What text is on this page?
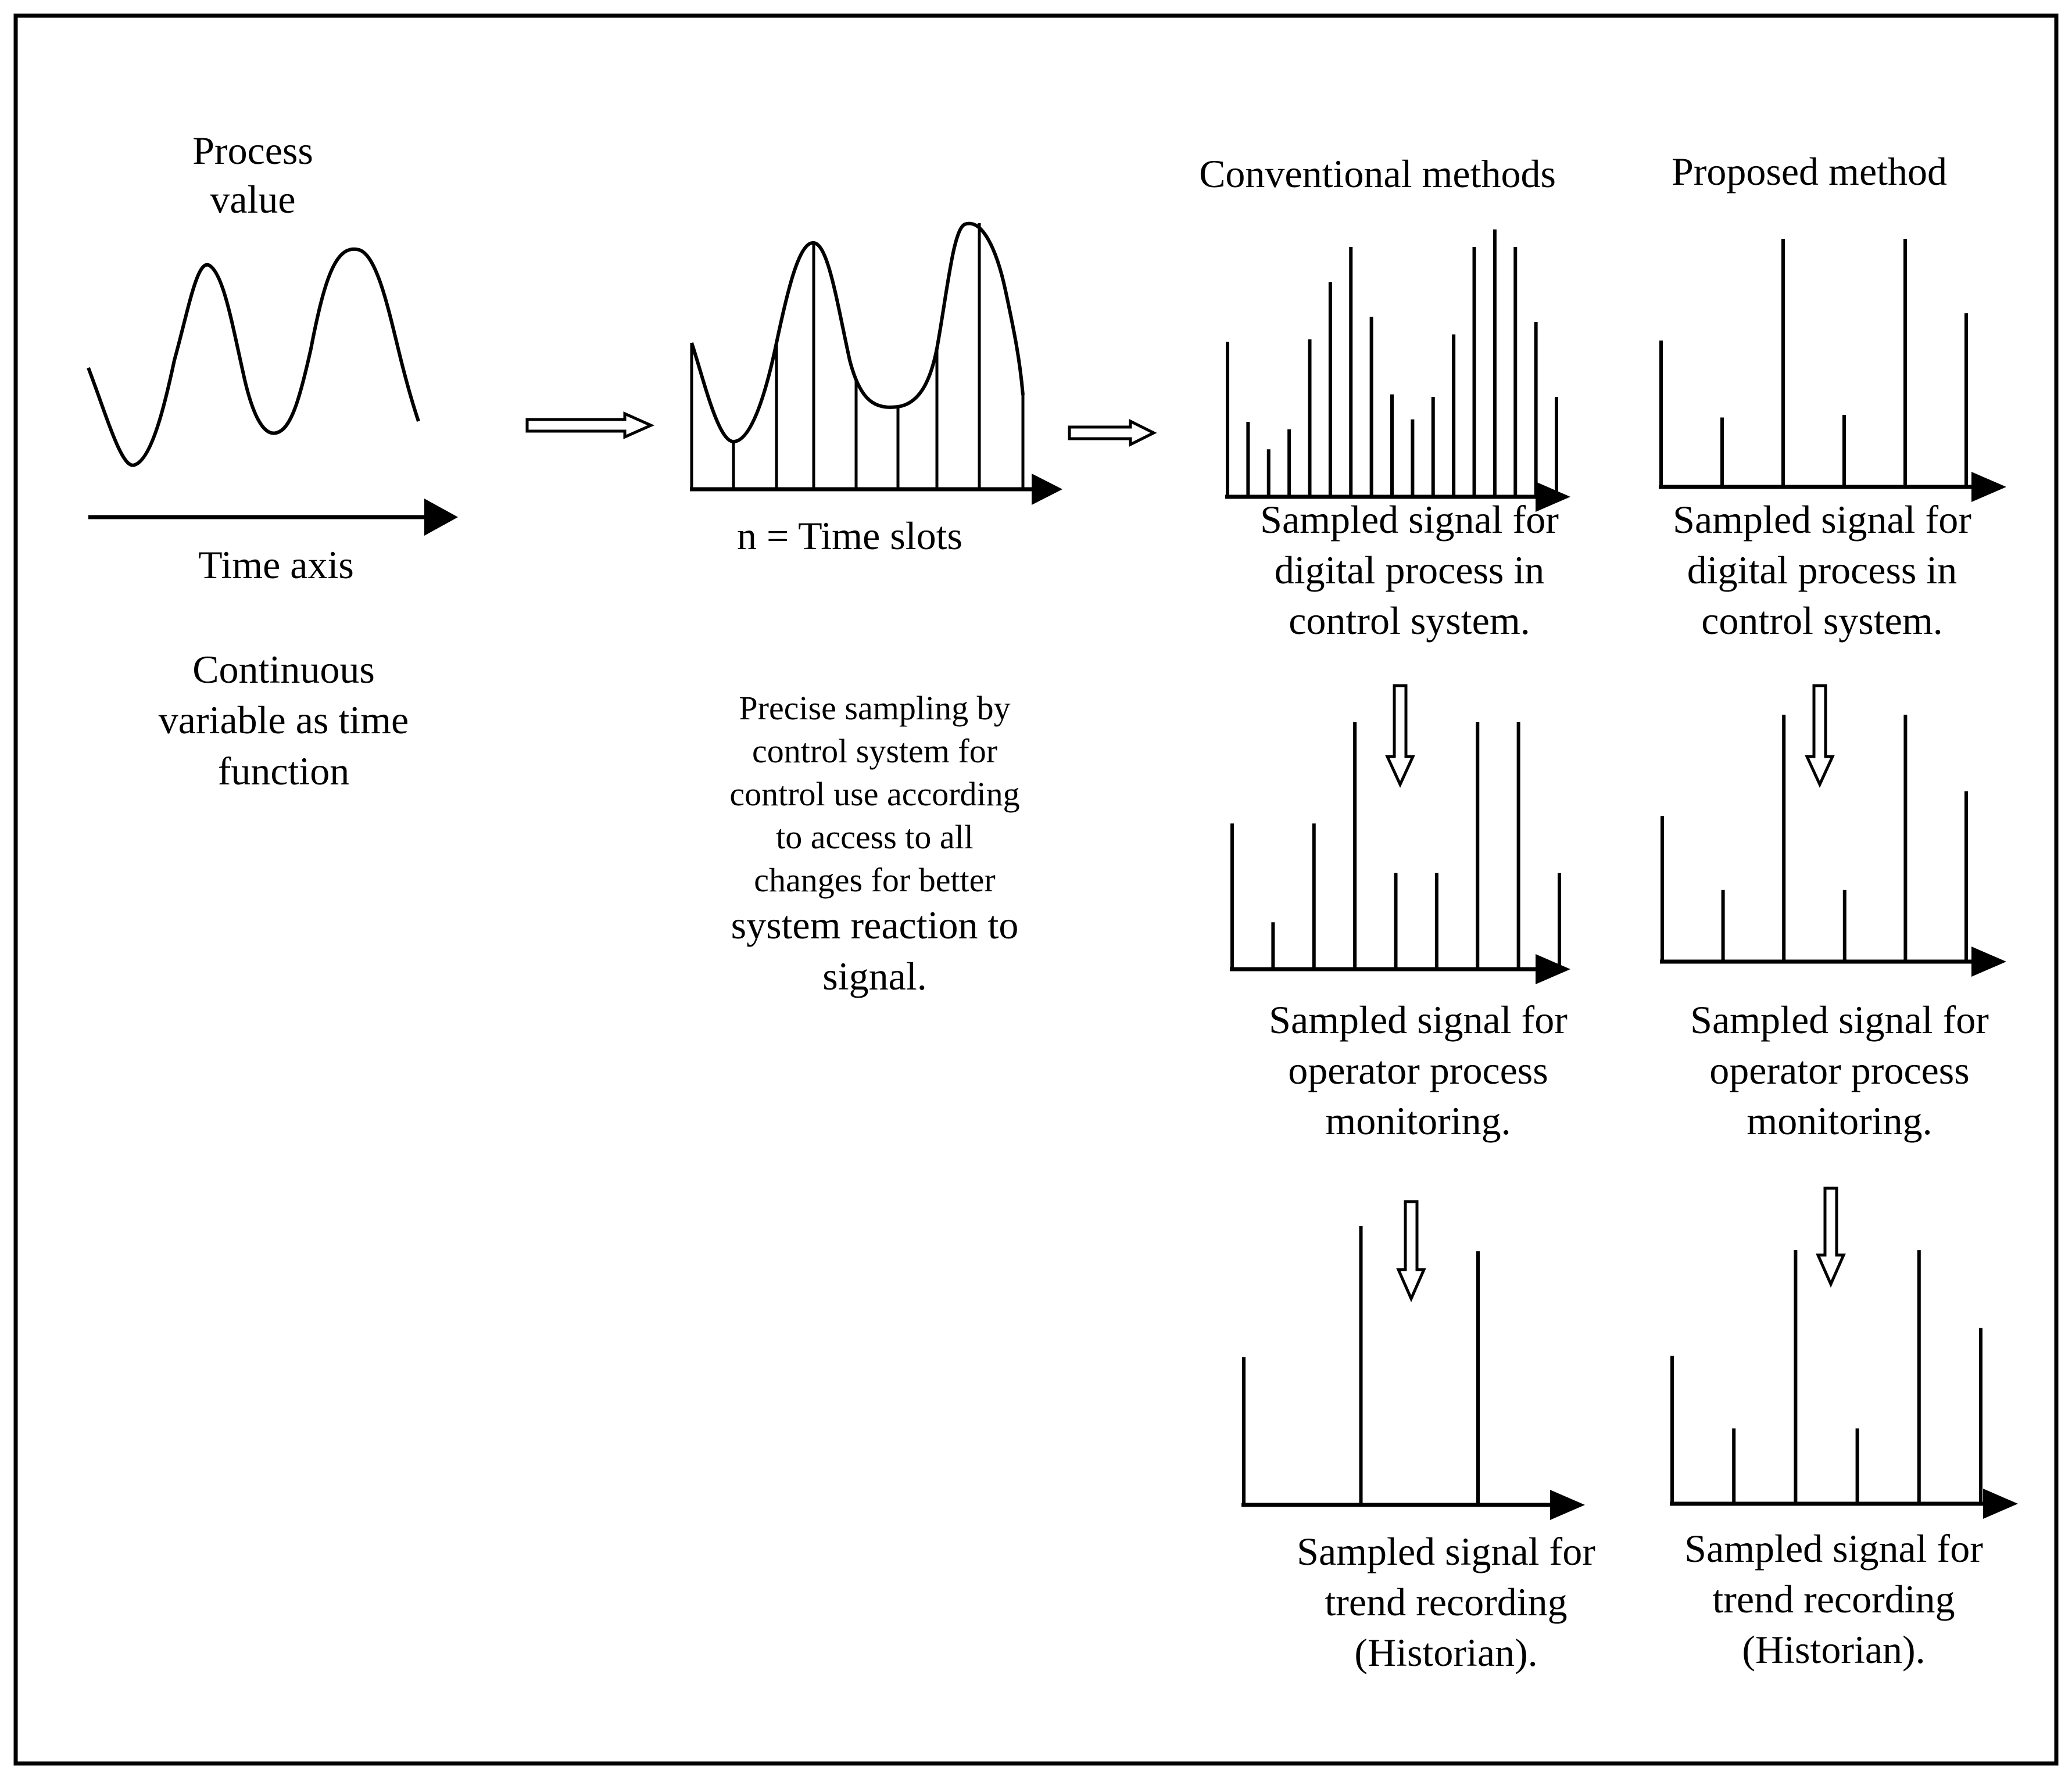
Process
value
Time axis
Continuous
variable as time
function
n = Time slots
Precise sampling by
control system for
control use according
to access to all
changes for better
system reaction to
signal.
Conventional methods	Proposed method
Sampled signal for
digital process in
control system.
Sampled signal for
digital process in
control system.
Sampled signal for
operator process
monitoring.
Sampled signal for
operator process
monitoring.
Sampled signal for
trend recording
(Historian).
Sampled signal for
trend recording
(Historian).
